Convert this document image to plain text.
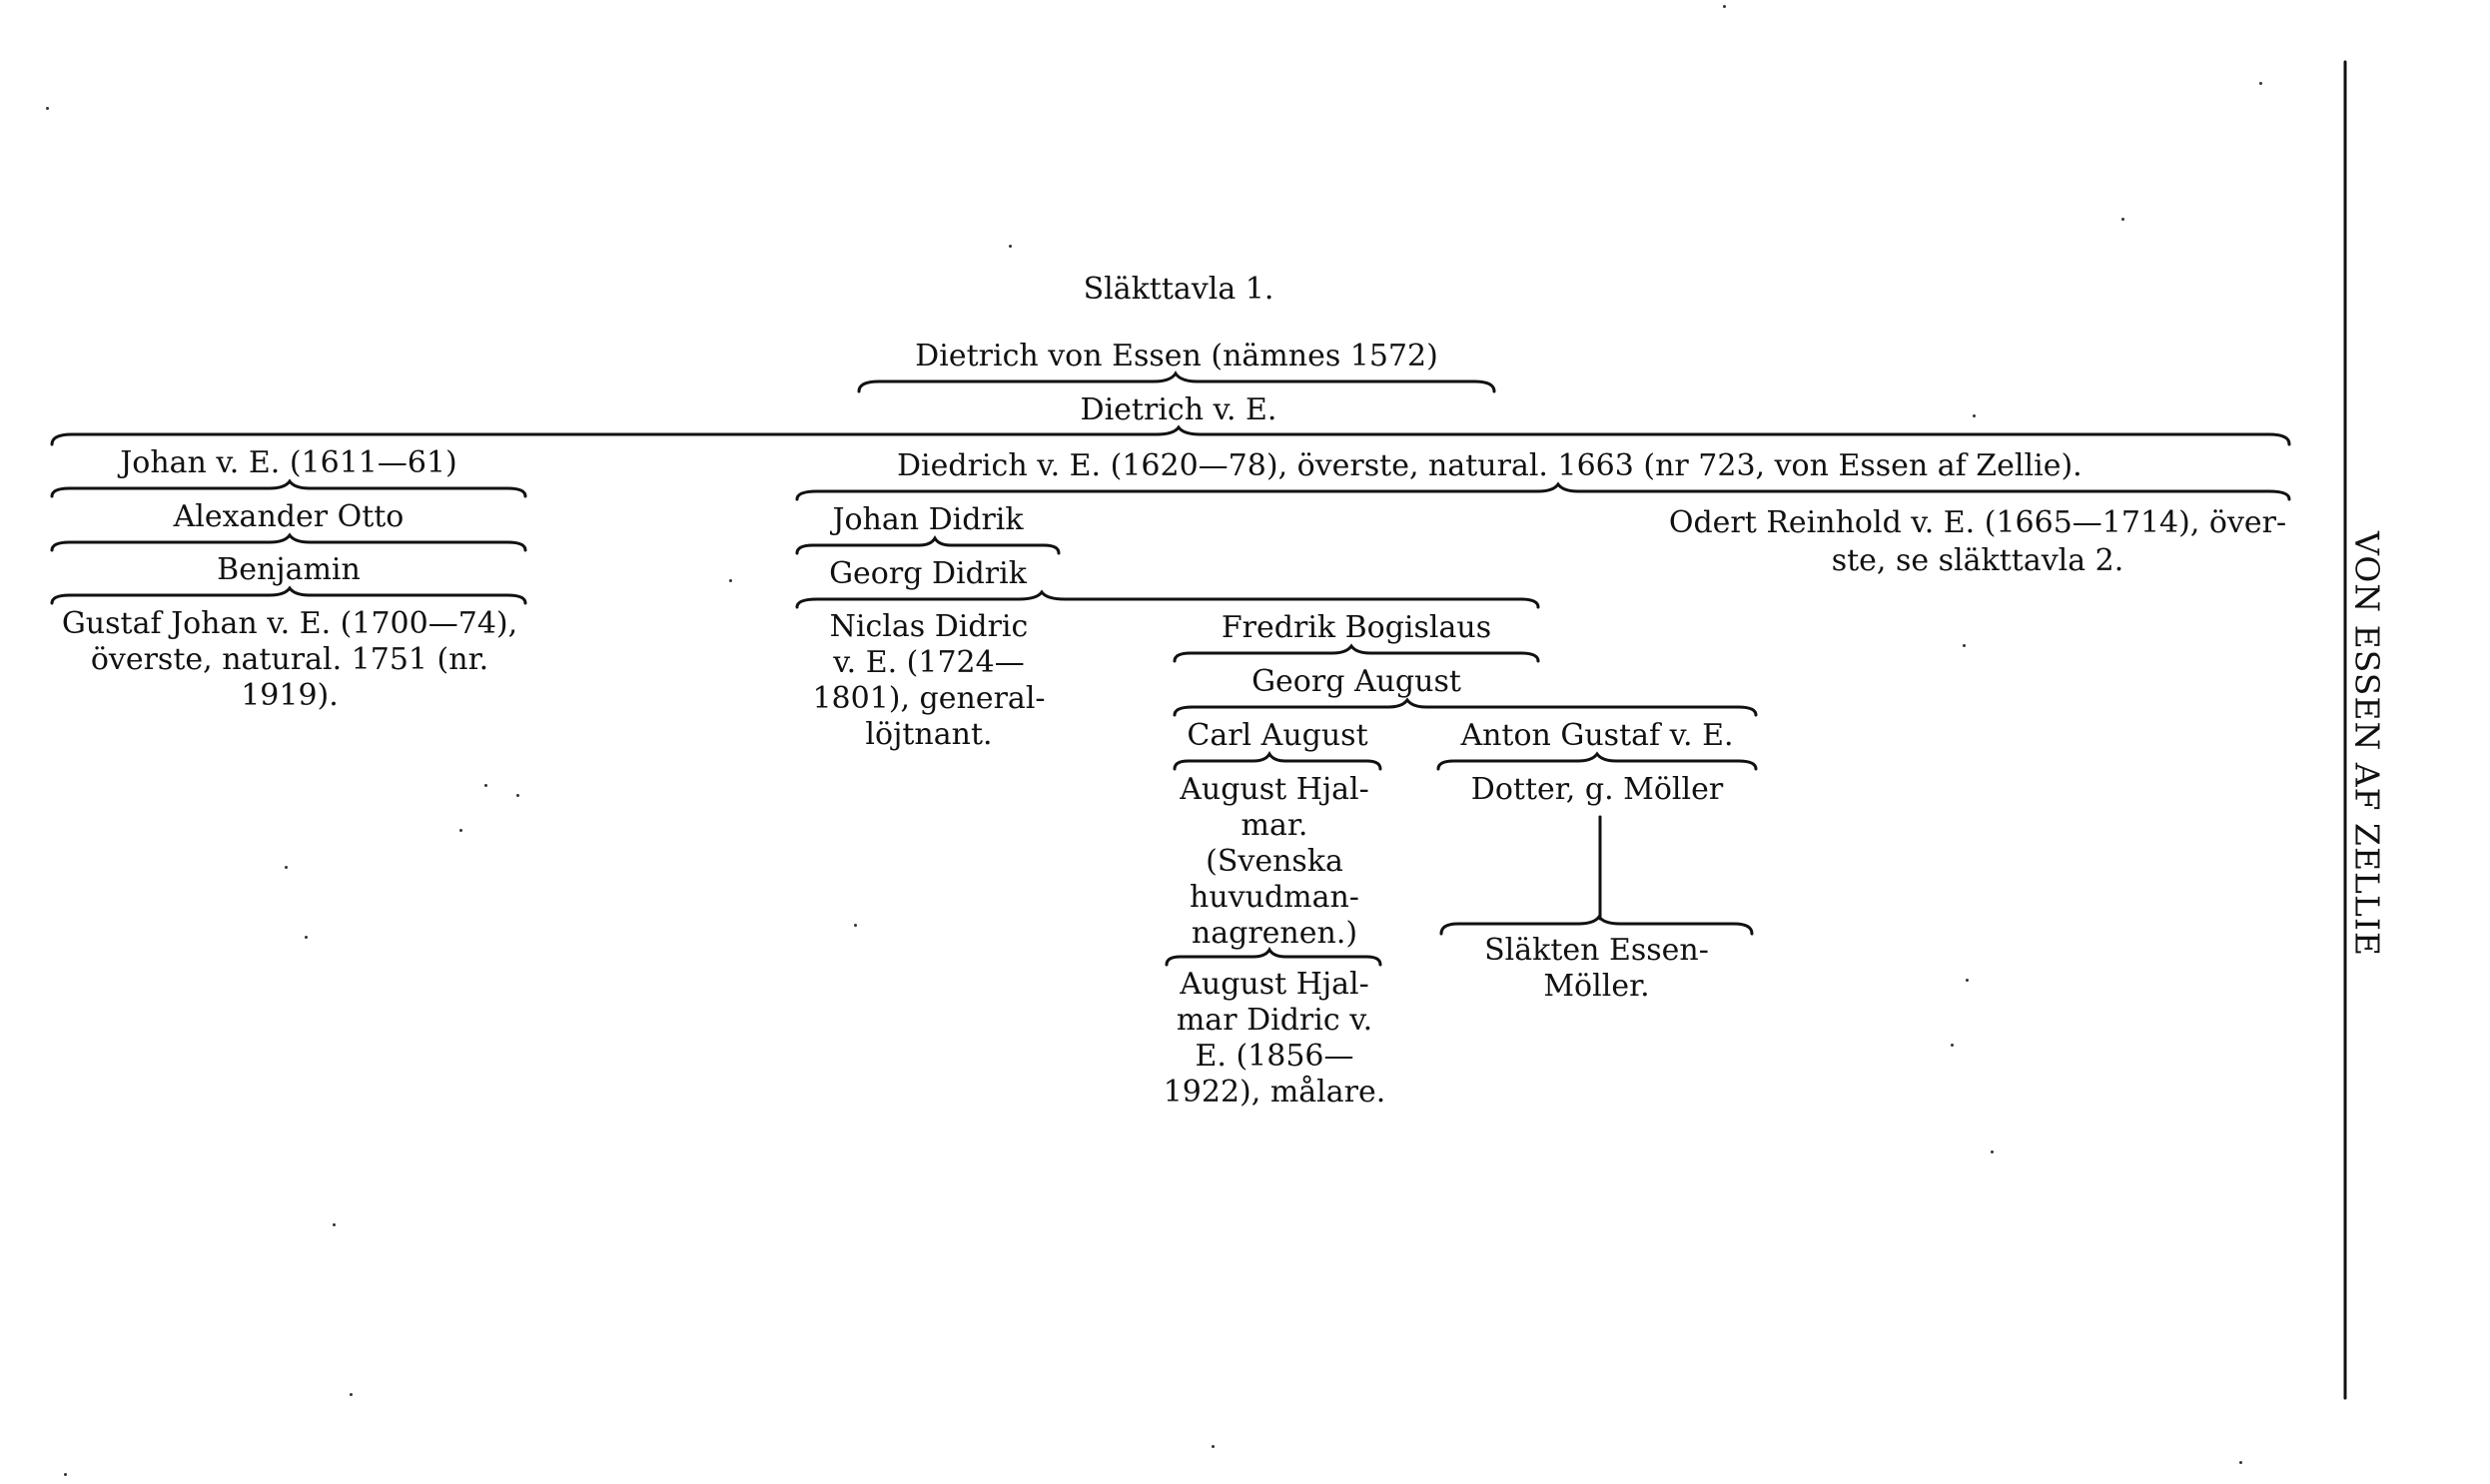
Släkttavla 1.
Dietrich von Essen (nämnes 1572)
Dietrich v. E.
Johan v. E. (1611—61)
Alexander Otto
Benjamin
Gustaf Johan v. E. (1700—74),
överste, natural. 1751 (nr.
1919).
Diedrich v. E. (1620—78), överste, natural. 1663 (nr 723, von Essen af Zellie).
Johan Didrik
Georg Didrik
Niclas Didric
v. E. (1724—
1801), general-
löjtnant.
Odert Reinhold v. E. (1665—1714), över-
ste, se släkttavla 2.
Fredrik Bogislaus
Georg August
Carl August	Anton Gustaf v. E.
August Hjal-
mar.
(Svenska
huvudman-
nagrenen.)
Dotter, g. Möller
August Hjal-
mar Didric v.
E. (1856—
1922), målare.
Släkten Essen-
Möller.
VON ESSEN AF ZELLIE
